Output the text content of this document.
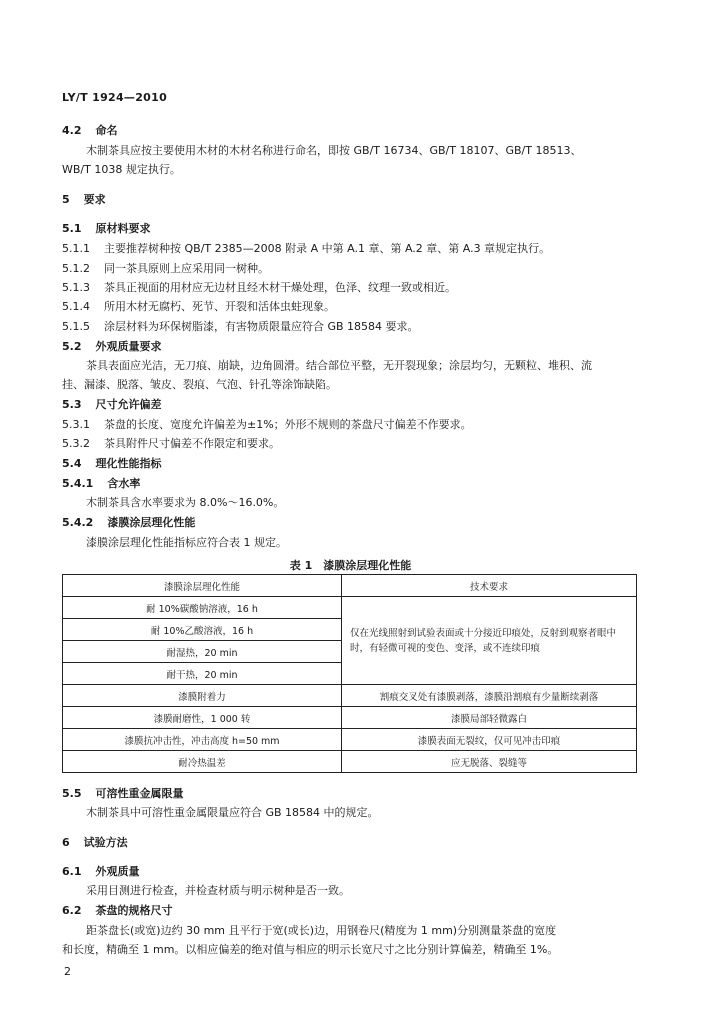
LY/T 1924—2010
4.2 命名
木制茶具应按主要使用木材的木材名称进行命名，即按 GB/T 16734、GB/T 18107、GB/T 18513、
WB/T 1038 规定执行。
5 要求
5.1 原材料要求
5.1.1 主要推荐树种按 QB/T 2385—2008 附录 A 中第 A.1 章、第 A.2 章、第 A.3 章规定执行。
5.1.2 同一茶具原则上应采用同一树种。
5.1.3 茶具正视面的用材应无边材且经木材干燥处理，色泽、纹理一致或相近。
5.1.4 所用木材无腐朽、死节、开裂和活体虫蛀现象。
5.1.5 涂层材料为环保树脂漆，有害物质限量应符合 GB 18584 要求。
5.2 外观质量要求
茶具表面应光洁，无刀痕、崩缺，边角圆滑。结合部位平整，无开裂现象；涂层均匀，无颗粒、堆积、流
挂、漏漆、脱落、皱皮、裂痕、气泡、针孔等涂饰缺陷。
5.3 尺寸允许偏差
5.3.1 茶盘的长度、宽度允许偏差为±1%；外形不规则的茶盘尺寸偏差不作要求。
5.3.2 茶具附件尺寸偏差不作限定和要求。
5.4 理化性能指标
5.4.1 含水率
木制茶具含水率要求为 8.0%～16.0%。
5.4.2 漆膜涂层理化性能
漆膜涂层理化性能指标应符合表 1 规定。
表 1　漆膜涂层理化性能
漆膜涂层理化性能	技术要求
耐 10%碳酸钠溶液，16 h	仅在光线照射到试验表面或十分接近印痕处，反射到观察者眼中时，有轻微可视的变色、变泽，或不连续印痕
耐 10%乙酸溶液，16 h	
耐湿热，20 min	
耐干热，20 min	
漆膜附着力	割痕交叉处有漆膜剥落，漆膜沿割痕有少量断续剥落
漆膜耐磨性，1 000 转	漆膜局部轻微露白
漆膜抗冲击性，冲击高度 h=50 mm	漆膜表面无裂纹，仅可见冲击印痕
耐冷热温差	应无脱落、裂缝等
5.5 可溶性重金属限量
木制茶具中可溶性重金属限量应符合 GB 18584 中的规定。
6 试验方法
6.1 外观质量
采用目测进行检查，并检查材质与明示树种是否一致。
6.2 茶盘的规格尺寸
距茶盘长(或宽)边约 30 mm 且平行于宽(或长)边，用钢卷尺(精度为 1 mm)分别测量茶盘的宽度
和长度，精确至 1 mm。以相应偏差的绝对值与相应的明示长宽尺寸之比分别计算偏差，精确至 1%。
2
